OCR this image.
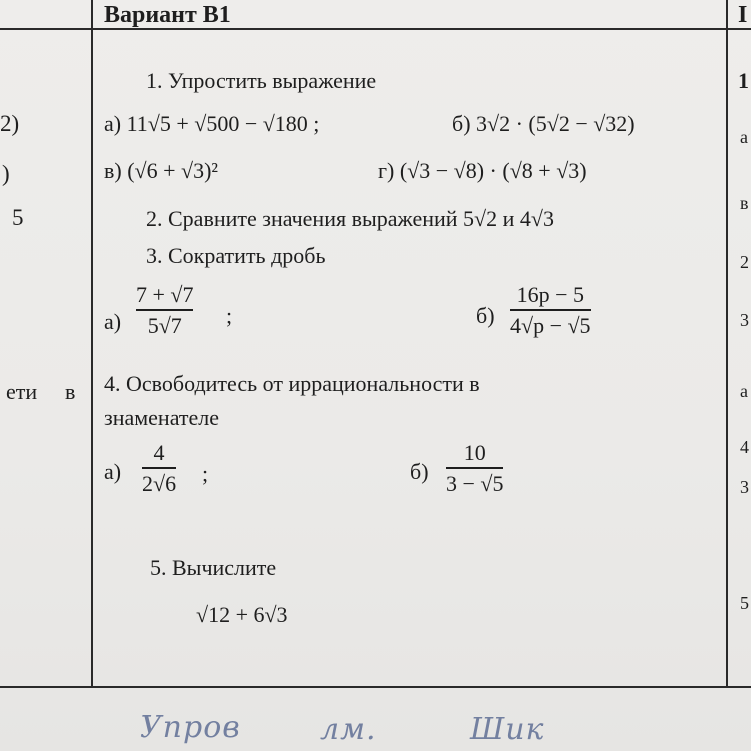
Вариант В1	I
2)
)
5
ети в
1
а
в
2
3
а
4
3
5
1. Упростить выражение
а) 11√5 + √500 − √180 ;	б) 3√2 · (5√2 − √32)
в) (√6 + √3)²	г) (√3 − √8) · (√8 + √3)
2. Сравните значения выражений 5√2 и 4√3
3. Сократить дробь
а)
7 + √7
5√7	;	б)
16p − 5
4√p − √5
4. Освободитесь от иррациональности в
знаменателе
а)
4
2√6 ;	б)
10
3 − √5
5. Вычислите
√12 + 6√3
Упров	лм.	Шик
